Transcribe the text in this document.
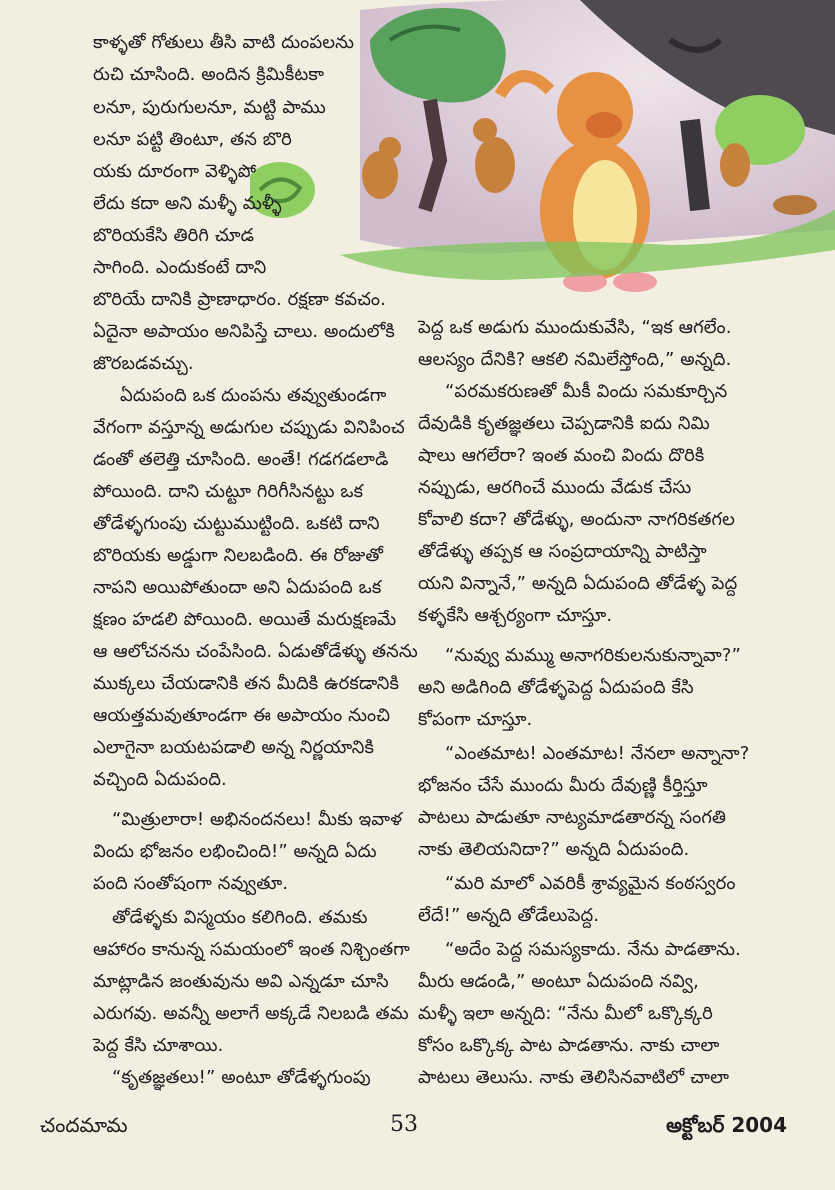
కాళ్ళతో గోతులు తీసి వాటి దుంపలను
రుచి చూసింది. అందిన క్రిమికీటకా
లనూ, పురుగులనూ, మట్టి పాము
లనూ పట్టి తింటూ, తన బొరి
యకు దూరంగా వెళ్ళిపో
లేదు కదా అని మళ్ళీ మళ్ళీ
బొరియకేసి తిరిగి చూడ
సాగింది. ఎందుకంటే దాని
బొరియే దానికి ప్రాణాధారం. రక్షణా కవచం.
ఏదైనా అపాయం అనిపిస్తే చాలు. అందులోకి
జొరబడవచ్చు.
ఏదుపంది ఒక దుంపను తవ్వుతుండగా
వేగంగా వస్తూన్న అడుగుల చప్పుడు వినిపించ
డంతో తలెత్తి చూసింది. అంతే! గడగడలాడి
పోయింది. దాని చుట్టూ గిరిగీసినట్టు ఒక
తోడేళ్ళగుంపు చుట్టుముట్టింది. ఒకటి దాని
బొరియకు అడ్డుగా నిలబడింది. ఈ రోజుతో
నాపని అయిపోతుందా అని ఏదుపంది ఒక
క్షణం హడలి పోయింది. అయితే మరుక్షణమే
ఆ ఆలోచనను చంపేసింది. ఏడుతోడేళ్ళు తనను
ముక్కలు చేయడానికి తన మీదికి ఉరకడానికి
ఆయత్తమవుతూండగా ఈ అపాయం నుంచి
ఎలాగైనా బయటపడాలి అన్న నిర్ణయానికి
వచ్చింది ఏదుపంది.
“మిత్రులారా! అభినందనలు! మీకు ఇవాళ
విందు భోజనం లభించింది!” అన్నది ఏదు
పంది సంతోషంగా నవ్వుతూ.
తోడేళ్ళకు విస్మయం కలిగింది. తమకు
ఆహారం కానున్న సమయంలో ఇంత నిశ్చింతగా
మాట్లాడిన జంతువును అవి ఎన్నడూ చూసి
ఎరుగవు. అవన్నీ అలాగే అక్కడే నిలబడి తమ
పెద్ద కేసి చూశాయి.
“కృతజ్ఞతలు!” అంటూ తోడేళ్ళగుంపు
పెద్ద ఒక అడుగు ముందుకువేసి, “ఇక ఆగలేం.
ఆలస్యం దేనికి? ఆకలి నమిలేస్తోంది,” అన్నది.
“పరమకరుణతో మీకీ విందు సమకూర్చిన
దేవుడికి కృతజ్ఞతలు చెప్పడానికి ఐదు నిమి
షాలు ఆగలేరా? ఇంత మంచి విందు దొరికి
నప్పుడు, ఆరగించే ముందు వేడుక చేసు
కోవాలి కదా? తోడేళ్ళు, అందునా నాగరికతగల
తోడేళ్ళు తప్పక ఆ సంప్రదాయాన్ని పాటిస్తా
యని విన్నానే,” అన్నది ఏదుపంది తోడేళ్ళ పెద్ద
కళ్ళకేసి ఆశ్చర్యంగా చూస్తూ.
“నువ్వు మమ్ము అనాగరికులనుకున్నావా?”
అని అడిగింది తోడేళ్ళపెద్ద ఏదుపంది కేసి
కోపంగా చూస్తూ.
“ఎంతమాట! ఎంతమాట! నేనలా అన్నానా?
భోజనం చేసే ముందు మీరు దేవుణ్ణి కీర్తిస్తూ
పాటలు పాడుతూ నాట్యమాడతారన్న సంగతి
నాకు తెలియనిదా?” అన్నది ఏదుపంది.
“మరి మాలో ఎవరికీ శ్రావ్యమైన కంఠస్వరం
లేదే!” అన్నది తోడేలుపెద్ద.
“అదేం పెద్ద సమస్యకాదు. నేను పాడతాను.
మీరు ఆడండి,” అంటూ ఏదుపంది నవ్వి,
మళ్ళీ ఇలా అన్నది: “నేను మీలో ఒక్కొక్కరి
కోసం ఒక్కొక్క పాట పాడతాను. నాకు చాలా
పాటలు తెలుసు. నాకు తెలిసినవాటిలో చాలా
చందమామ	53	అక్టోబర్ 2004
